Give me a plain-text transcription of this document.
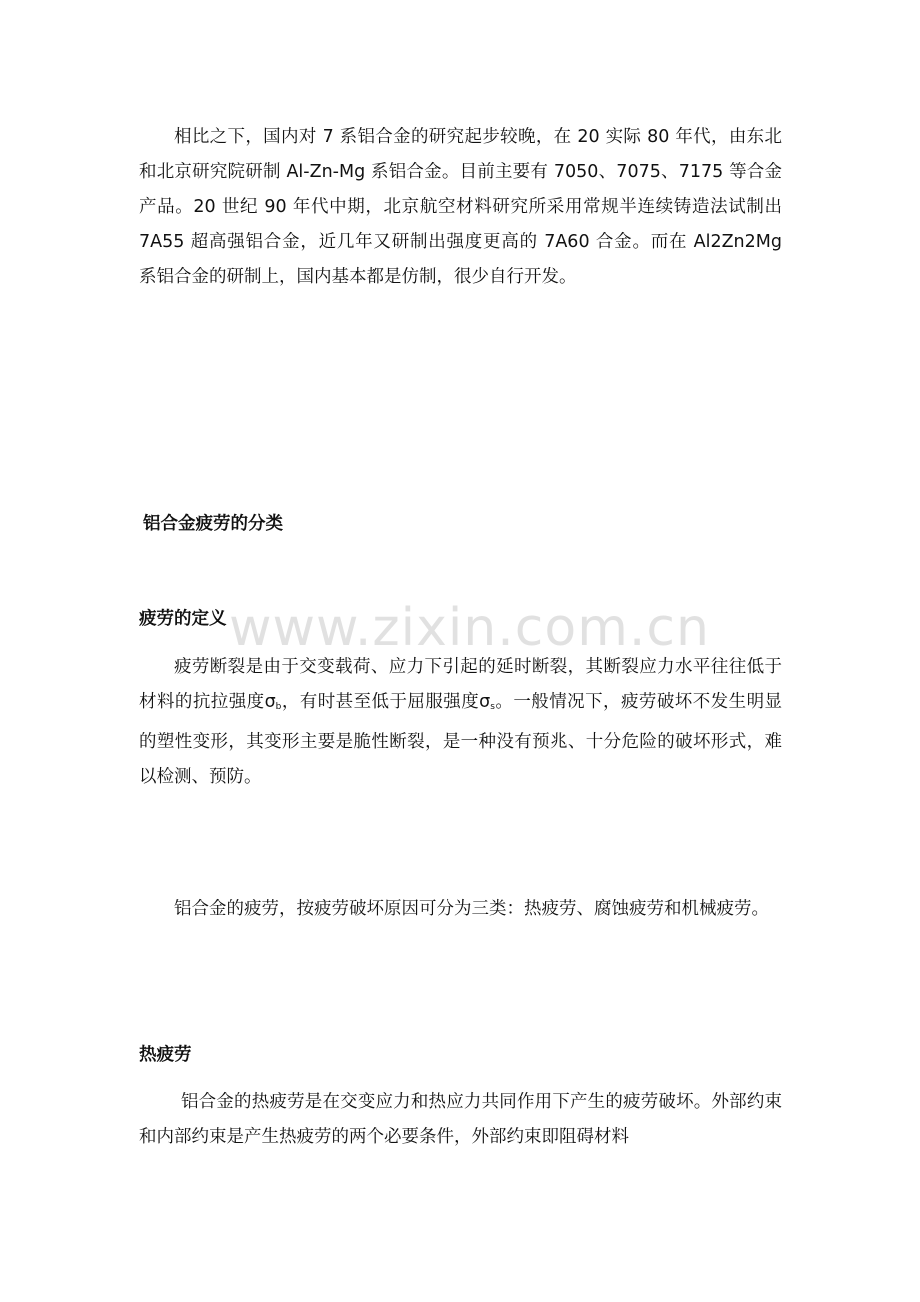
相比之下，国内对 7 系铝合金的研究起步较晚，在 20 实际 80 年代，由东北和北京研究院研制 Al-Zn-Mg 系铝合金。目前主要有 7050、7075、7175 等合金产品。20 世纪 90 年代中期，北京航空材料研究所采用常规半连续铸造法试制出 7A55 超高强铝合金，近几年又研制出强度更高的 7A60 合金。而在 Al2Zn2Mg 系铝合金的研制上，国内基本都是仿制，很少自行开发。

铝合金疲劳的分类

疲劳的定义

疲劳断裂是由于交变载荷、应力下引起的延时断裂，其断裂应力水平往往低于材料的抗拉强度$\sigma_b$，有时甚至低于屈服强度$\sigma_s$。一般情况下，疲劳破坏不发生明显的塑性变形，其变形主要是脆性断裂，是一种没有预兆、十分危险的破坏形式，难以检测、预防。

铝合金的疲劳，按疲劳破坏原因可分为三类：热疲劳、腐蚀疲劳和机械疲劳。

热疲劳

铝合金的热疲劳是在交变应力和热应力共同作用下产生的疲劳破坏。外部约束和内部约束是产生热疲劳的两个必要条件，外部约束即阻碍材料

www.zixin.com.cn
